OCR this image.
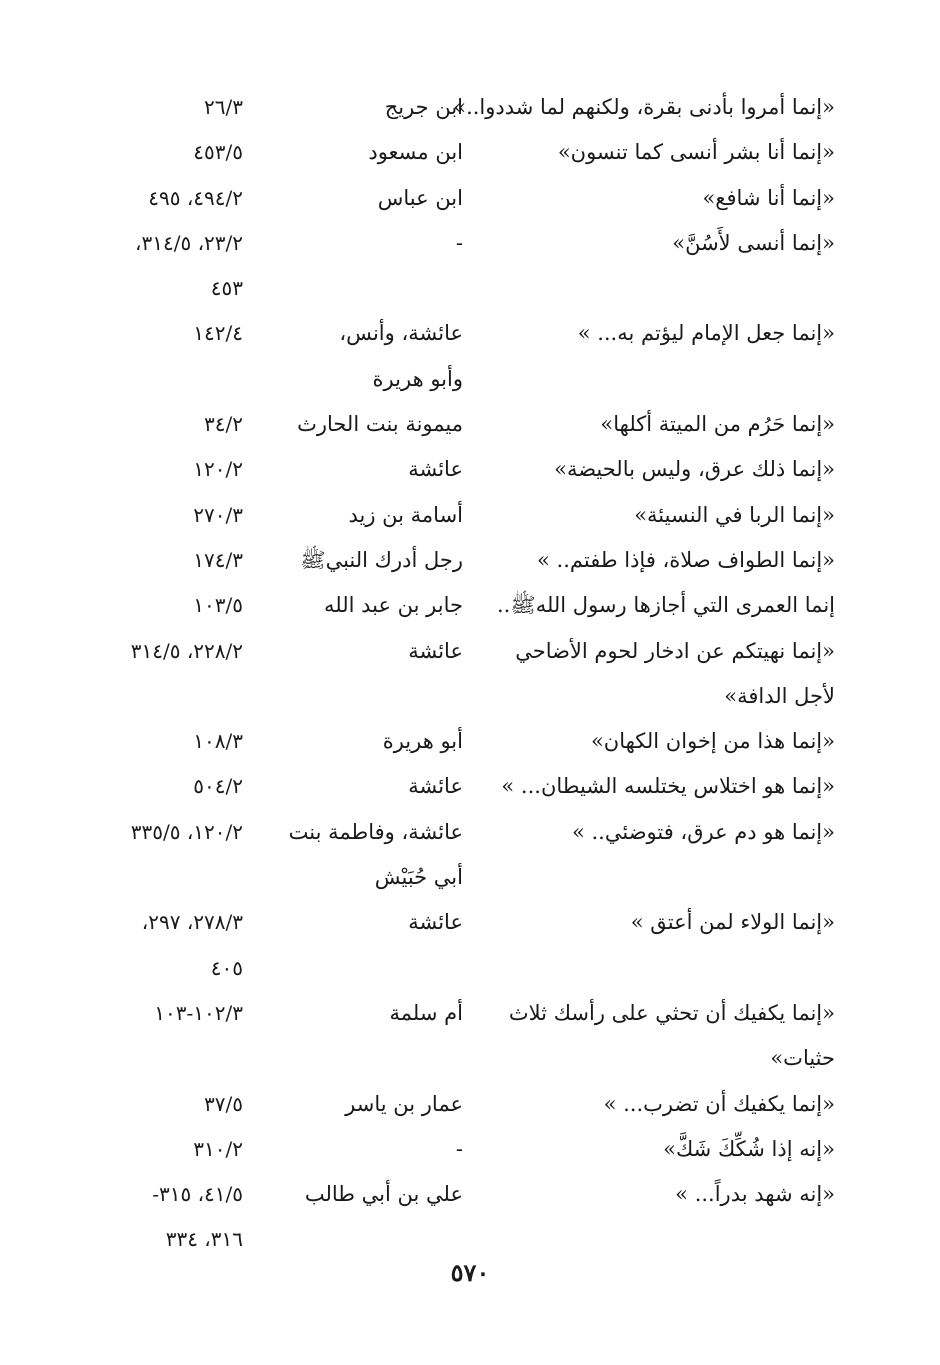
«إنما أمروا بأدنى بقرة، ولكنهم لما شددوا..»
ابن جريج
٢٦/٣
«إنما أنا بشر أنسى كما تنسون»
ابن مسعود
٤٥٣/٥
«إنما أنا شافع»
ابن عباس
٤٩٤/٢، ٤٩٥
«إنما أنسى لأَسُنَّ»
-
٢٣/٢، ٣١٤/٥،
٤٥٣
«إنما جعل الإمام ليؤتم به... »
عائشة، وأنس،
١٤٢/٤
وأبو هريرة
«إنما حَرُم من الميتة أكلها»
ميمونة بنت الحارث
٣٤/٢
«إنما ذلك عرق، وليس بالحيضة»
عائشة
١٢٠/٢
«إنما الربا في النسيئة»
أسامة بن زيد
٢٧٠/٣
«إنما الطواف صلاة، فإذا طفتم.. »
رجل أدرك النبيﷺ
١٧٤/٣
إنما العمرى التي أجازها رسول اللهﷺ..
جابر بن عبد الله
١٠٣/٥
«إنما نهيتكم عن ادخار لحوم الأضاحي
عائشة
٢٢٨/٢، ٣١٤/٥
لأجل الدافة»
«إنما هذا من إخوان الكهان»
أبو هريرة
١٠٨/٣
«إنما هو اختلاس يختلسه الشيطان... »
عائشة
٥٠٤/٢
«إنما هو دم عرق، فتوضئي.. »
عائشة، وفاطمة بنت
١٢٠/٢، ٣٣٥/٥
أبي حُبَيْش
«إنما الولاء لمن أعتق »
عائشة
٢٧٨/٣، ٢٩٧،
٤٠٥
«إنما يكفيك أن تحثي على رأسك ثلاث
أم سلمة
١٠٢/٣-١٠٣
حثيات»
«إنما يكفيك أن تضرب... »
عمار بن ياسر
٣٧/٥
«إنه إذا شُكِّكَ شَكَّ»
-
٣١٠/٢
«إنه شهد بدراً... »
علي بن أبي طالب
٤١/٥، ٣١٥-
٣١٦، ٣٣٤
٥٧٠
